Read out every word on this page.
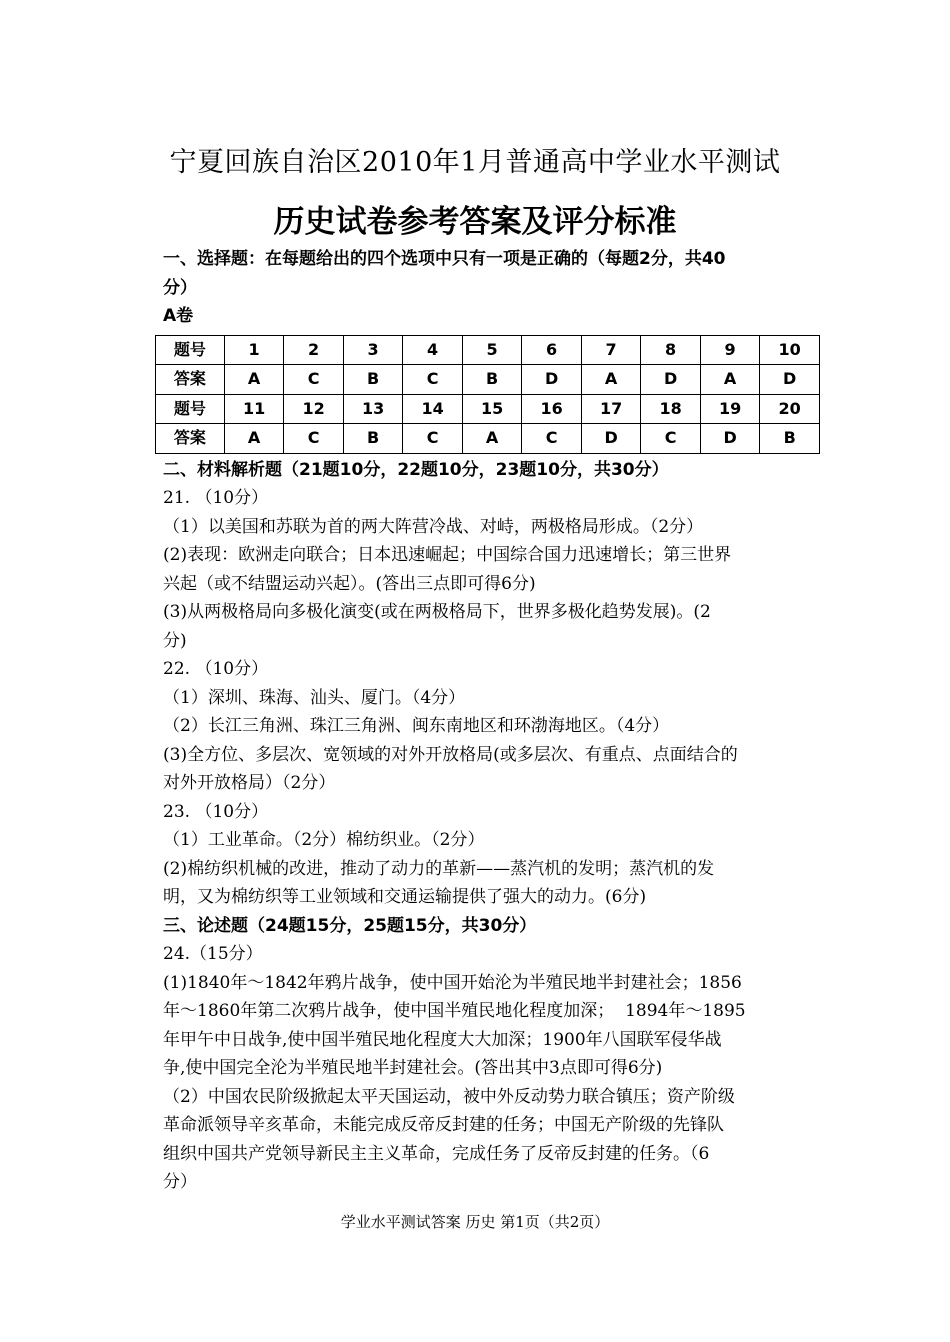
宁夏回族自治区2010年1月普通高中学业水平测试
历史试卷参考答案及评分标准

一、选择题：在每题给出的四个选项中只有一项是正确的（每题2分，共40

分）

A卷

题号	1	2	3	4	5	6	7	8	9	10
答案	A	C	B	C	B	D	A	D	A	D
题号	11	12	13	14	15	16	17	18	19	20
答案	A	C	B	C	A	C	D	C	D	B

二、材料解析题（21题10分，22题10分，23题10分，共30分）

21. （10分）

（1）以美国和苏联为首的两大阵营冷战、对峙，两极格局形成。（2分）

(2)表现：欧洲走向联合；日本迅速崛起；中国综合国力迅速增长；第三世界

兴起（或不结盟运动兴起）。(答出三点即可得6分)

(3)从两极格局向多极化演变(或在两极格局下，世界多极化趋势发展)。(2

分)

22. （10分）

（1）深圳、珠海、汕头、厦门。（4分）

（2）长江三角洲、珠江三角洲、闽东南地区和环渤海地区。（4分）

(3)全方位、多层次、宽领域的对外开放格局(或多层次、有重点、点面结合的

对外开放格局）（2分）

23. （10分）

（1）工业革命。（2分）棉纺织业。（2分）

(2)棉纺织机械的改进，推动了动力的革新——蒸汽机的发明；蒸汽机的发

明，又为棉纺织等工业领域和交通运输提供了强大的动力。(6分)

三、论述题（24题15分，25题15分，共30分）

24.（15分）

(1)1840年～1842年鸦片战争，使中国开始沦为半殖民地半封建社会；1856

年～1860年第二次鸦片战争，使中国半殖民地化程度加深；  1894年～1895

年甲午中日战争,使中国半殖民地化程度大大加深；1900年八国联军侵华战

争,使中国完全沦为半殖民地半封建社会。(答出其中3点即可得6分)

（2）中国农民阶级掀起太平天国运动，被中外反动势力联合镇压；资产阶级

革命派领导辛亥革命，未能完成反帝反封建的任务；中国无产阶级的先锋队

组织中国共产党领导新民主主义革命，完成任务了反帝反封建的任务。（6

分）

学业水平测试答案 历史 第1页（共2页）
